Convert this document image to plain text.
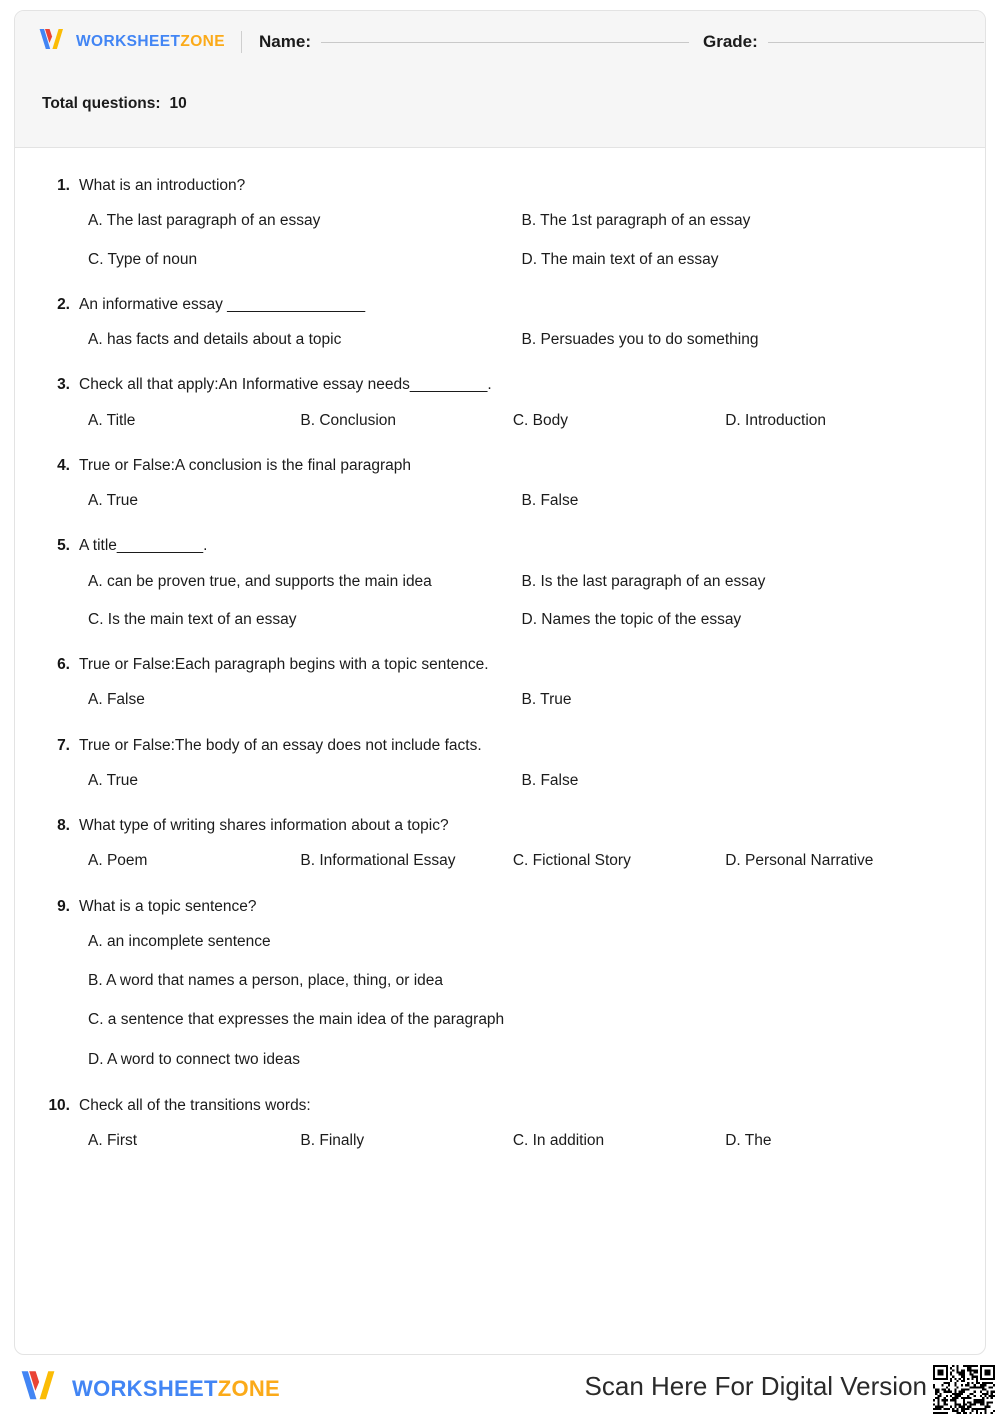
WORKSHEETZONE Name:	Grade:
Total questions: 10
1. What is an introduction?
A. The last paragraph of an essay	B. The 1st paragraph of an essay
C. Type of noun	D. The main text of an essay
2. An informative essay ________________
A. has facts and details about a topic	B. Persuades you to do something
3. Check all that apply:An Informative essay needs_________.
A. Title	B. Conclusion	C. Body	D. Introduction
4. True or False:A conclusion is the final paragraph
A. True	B. False
5. A title__________.
A. can be proven true, and supports the main idea	B. Is the last paragraph of an essay
C. Is the main text of an essay	D. Names the topic of the essay
6. True or False:Each paragraph begins with a topic sentence.
A. False	B. True
7. True or False:The body of an essay does not include facts.
A. True	B. False
8. What type of writing shares information about a topic?
A. Poem	B. Informational Essay	C. Fictional Story	D. Personal Narrative
9. What is a topic sentence?
A. an incomplete sentence
B. A word that names a person, place, thing, or idea
C. a sentence that expresses the main idea of the paragraph
D. A word to connect two ideas
10. Check all of the transitions words:
A. First	B. Finally	C. In addition	D. The
WORKSHEETZONE	Scan Here For Digital Version
